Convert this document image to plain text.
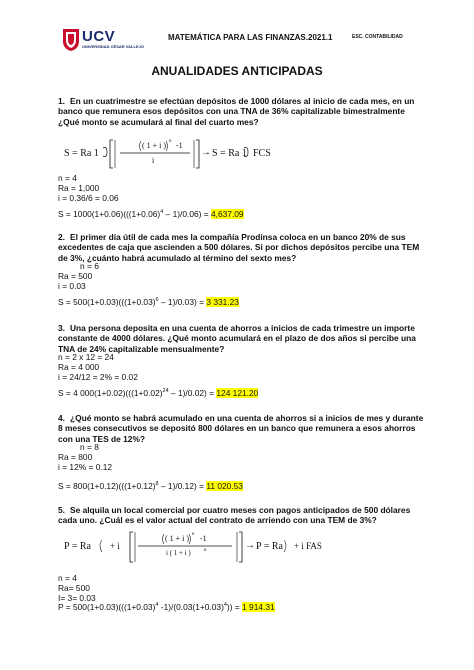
UCV
UNIVERSIDAD CÉSAR VALLEJO
MATEMÁTICA PARA LAS FINANZAS.2021.1	ESC. CONTABILIDAD
ANUALIDADES ANTICIPADAS
1. En un cuatrimestre se efectúan depósitos de 1000 dólares al inicio de cada mes, en un banco que remunera esos depósitos con una TNA de 36% capitalizable bimestralmente ¿Qué monto se acumulará al final del cuarto mes?
S = Ra 1
( 1 + i ) n -1
i
→ S = Ra 1 FCS
n = 4
Ra = 1,000
i = 0.36/6 = 0.06
$S = 1000(1+0.06)(((1+0.06)^4 - 1)/0.06) = 4,637.09$
2. El primer día útil de cada mes la compañía Prodinsa coloca en un banco 20% de sus excedentes de caja que ascienden a 500 dólares. Si por dichos depósitos percibe una TEM de 3%, ¿cuánto habrá acumulado al término del sexto mes?
n = 6
Ra = 500
i = 0.03
$S = 500(1+0.03)(((1+0.03)^6 - 1)/0.03) = 3$ 331.23
3. Una persona deposita en una cuenta de ahorros a inicios de cada trimestre un importe constante de 4000 dólares. ¿Qué monto acumulará en el plazo de dos años si percibe una TNA de 24% capitalizable mensualmente?
n = 2 x 12 = 24
Ra = 4 000
i = 24/12 = 2% = 0.02
S = 4 $000(1+0.02)(((1+0.02)^{24} - 1)/0.02) = 124$ 121.20
4. ¿Qué monto se habrá acumulado en una cuenta de ahorros si a inicios de mes y durante 8 meses consecutivos se depositó 800 dólares en un banco que remunera a esos ahorros con una TES de 12%?
n = 8
Ra = 800
i = 12% = 0.12
$S = 800(1+0.12)(((1+0.12)^8 - 1)/0.12) = 11$ 020.53
5. Se alquila un local comercial por cuatro meses con pagos anticipados de 500 dólares cada uno. ¿Cuál es el valor actual del contrato de arriendo con una TEM de 3%?
P = Ra + i
( 1 + i ) n -1
i ( 1 + i )	n	→ P = Ra + i FAS
n = 4
Ra= 500
I= 3= 0.03
$P = 500(1+0.03)(((1+0.03)^4$ $-1)/(0.03(1+0.03)^4)) = 1$ 914.31
